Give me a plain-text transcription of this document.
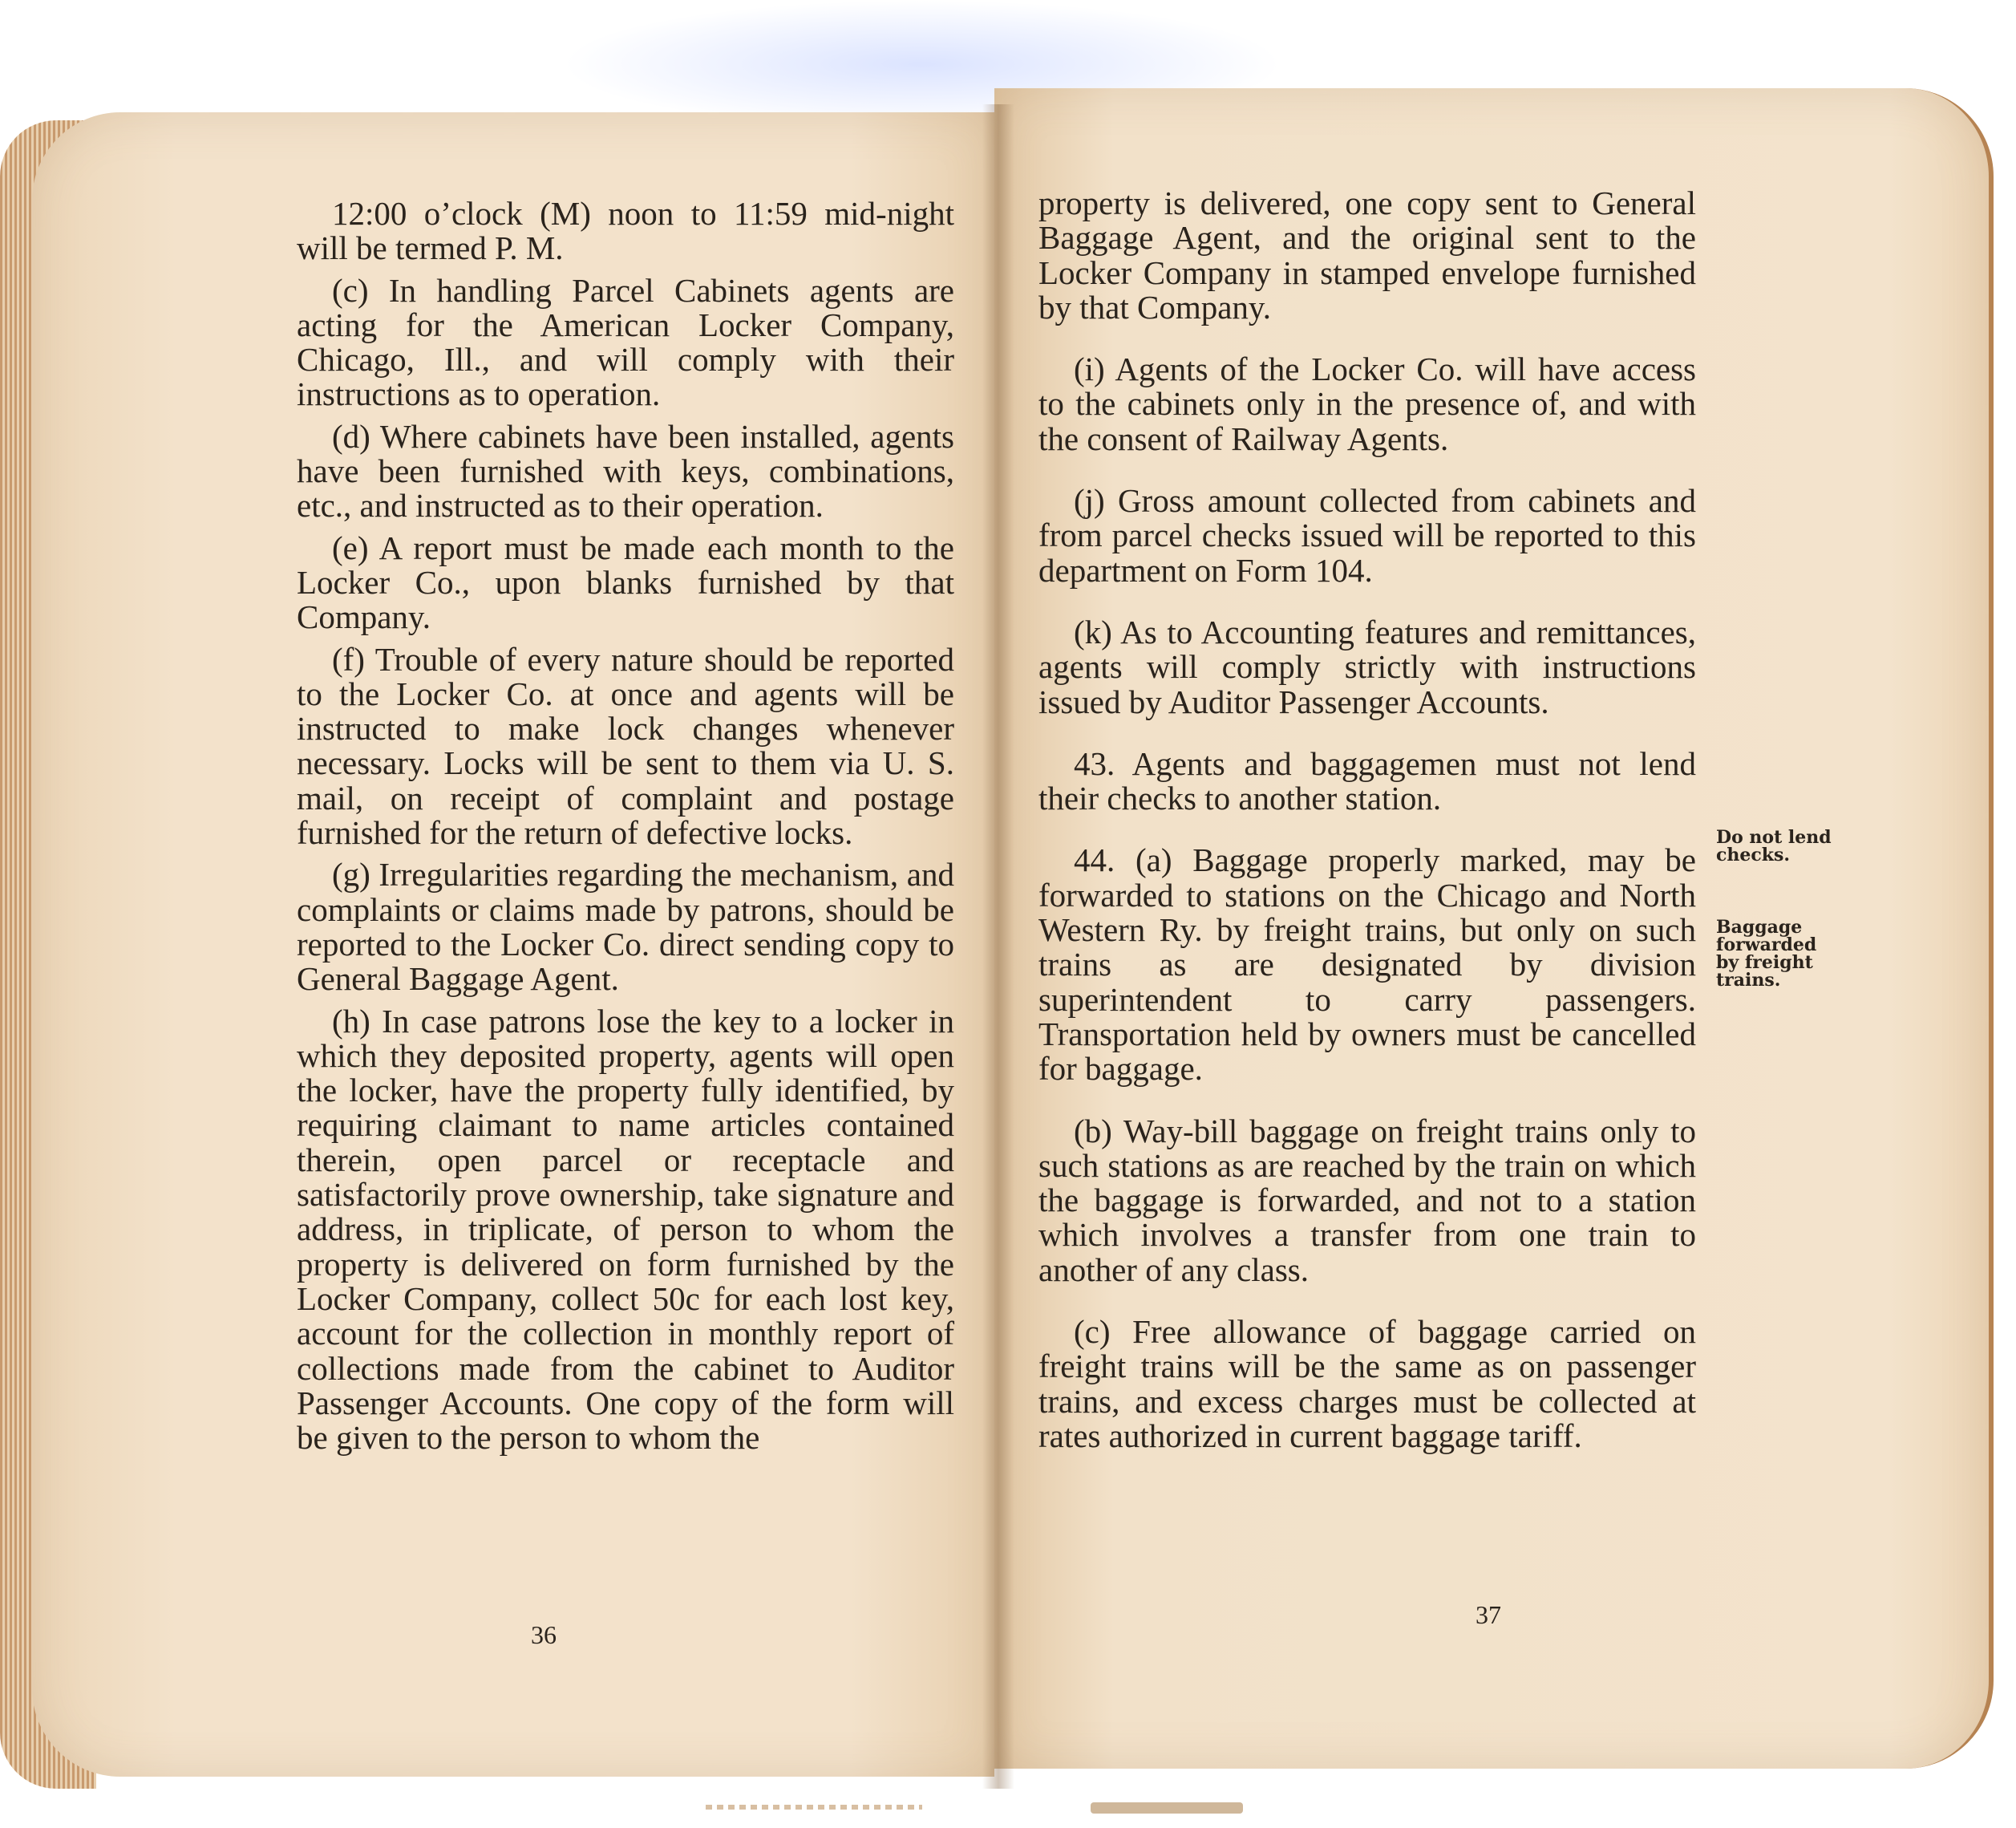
12:00 o’clock (M) noon to 11:59 mid-night will be termed P. M.

(c) In handling Parcel Cabinets agents are acting for the American Locker Company, Chicago, Ill., and will comply with their instructions as to operation.

(d) Where cabinets have been installed, agents have been furnished with keys, combinations, etc., and instructed as to their operation.

(e) A report must be made each month to the Locker Co., upon blanks furnished by that Company.

(f) Trouble of every nature should be reported to the Locker Co. at once and agents will be instructed to make lock changes whenever necessary. Locks will be sent to them via U. S. mail, on receipt of complaint and postage furnished for the return of defective locks.

(g) Irregularities regarding the mechanism, and complaints or claims made by patrons, should be reported to the Locker Co. direct sending copy to General Baggage Agent.

(h) In case patrons lose the key to a locker in which they deposited property, agents will open the locker, have the property fully identified, by requiring claimant to name articles contained therein, open parcel or receptacle and satisfactorily prove ownership, take signature and address, in triplicate, of person to whom the property is delivered on form furnished by the Locker Company, collect 50c for each lost key, account for the collection in monthly report of collections made from the cabinet to Auditor Passenger Accounts. One copy of the form will be given to the person to whom the

36

property is delivered, one copy sent to General Baggage Agent, and the original sent to the Locker Company in stamped envelope furnished by that Company.

(i) Agents of the Locker Co. will have access to the cabinets only in the presence of, and with the consent of Railway Agents.

(j) Gross amount collected from cabinets and from parcel checks issued will be reported to this department on Form 104.

(k) As to Accounting features and remittances, agents will comply strictly with instructions issued by Auditor Passenger Accounts.

43. Agents and baggagemen must not lend their checks to another station.

44. (a) Baggage properly marked, may be forwarded to stations on the Chicago and North Western Ry. by freight trains, but only on such trains as are designated by division superintendent to carry passengers. Transportation held by owners must be cancelled for baggage.

(b) Way-bill baggage on freight trains only to such stations as are reached by the train on which the baggage is forwarded, and not to a station which involves a transfer from one train to another of any class.

(c) Free allowance of baggage carried on freight trains will be the same as on passenger trains, and excess charges must be collected at rates authorized in current baggage tariff.

Do not lend checks.
Baggage forwarded by freight trains.
37
